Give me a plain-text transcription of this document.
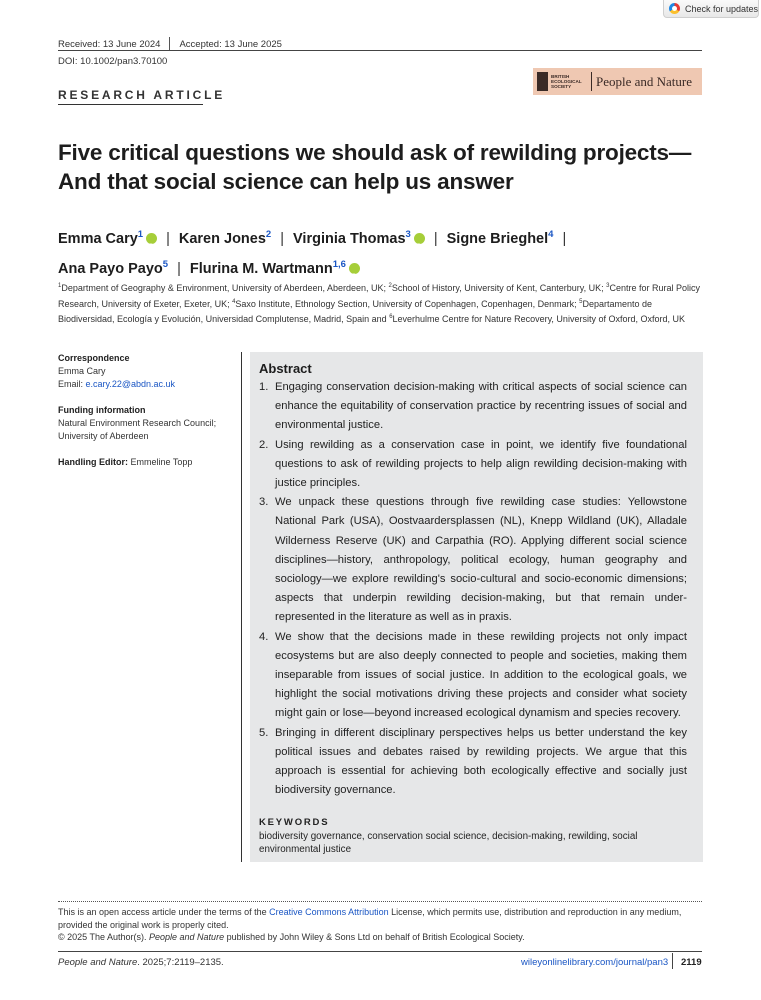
Check for updates
Received: 13 June 2024 Accepted: 13 June 2025
DOI: 10.1002/pan3.70100
RESEARCH ARTICLE
BRITISH ECOLOGICAL SOCIETY	People and Nature
Five critical questions we should ask of rewilding projects—And that social science can help us answer
Emma Cary$^1$ iD | Karen Jones$^2$ | Virginia Thomas$^3$ iD | Signe Brieghel$^4$ |
Ana Payo Payo$^5$ | Flurina M. Wartmann$^{1,6}$iD
$^1$Department of Geography & Environment, University of Aberdeen, Aberdeen, UK; $^2$School of History, University of Kent, Canterbury, UK; $^3$Centre for Rural Policy Research, University of Exeter, Exeter, UK; $^4$Saxo Institute, Ethnology Section, University of Copenhagen, Copenhagen, Denmark; $^5$Departamento de Biodiversidad, Ecología y Evolución, Universidad Complutense, Madrid, Spain and $^6$Leverhulme Centre for Nature Recovery, University of Oxford, Oxford, UK
Correspondence
Emma Cary
Email: e.cary.22@abdn.ac.uk
Funding information
Natural Environment Research Council;
University of Aberdeen
Handling Editor: Emmeline Topp
Abstract
1. Engaging conservation decision-making with critical aspects of social science can enhance the equitability of conservation practice by recentring issues of social and environmental justice.
2. Using rewilding as a conservation case in point, we identify five foundational questions to ask of rewilding projects to help align rewilding decision-making with justice principles.
3. We unpack these questions through five rewilding case studies: Yellowstone National Park (USA), Oostvaardersplassen (NL), Knepp Wildland (UK), Alladale Wilderness Reserve (UK) and Carpathia (RO). Applying different social science disciplines—history, anthropology, political ecology, human geography and sociology—we explore rewilding's socio-cultural and socio-economic dimensions; aspects that underpin rewilding decision-making, but that remain under-represented in the literature as well as in praxis.
4. We show that the decisions made in these rewilding projects not only impact ecosystems but are also deeply connected to people and societies, making them inseparable from issues of social justice. In addition to the ecological goals, we highlight the social motivations driving these projects and consider what society might gain or lose—beyond increased ecological dynamism and species recovery.
5. Bringing in different disciplinary perspectives helps us better understand the key political issues and debates raised by rewilding projects. We argue that this approach is essential for achieving both ecologically effective and socially just biodiversity governance.
KEYWORDS
biodiversity governance, conservation social science, decision-making, rewilding, social environmental justice
This is an open access article under the terms of the Creative Commons Attribution License, which permits use, distribution and reproduction in any medium, provided the original work is properly cited.
© 2025 The Author(s). People and Nature published by John Wiley & Sons Ltd on behalf of British Ecological Society.
People and Nature. 2025;7:2119–2135.	wileyonlinelibrary.com/journal/pan3 2119
